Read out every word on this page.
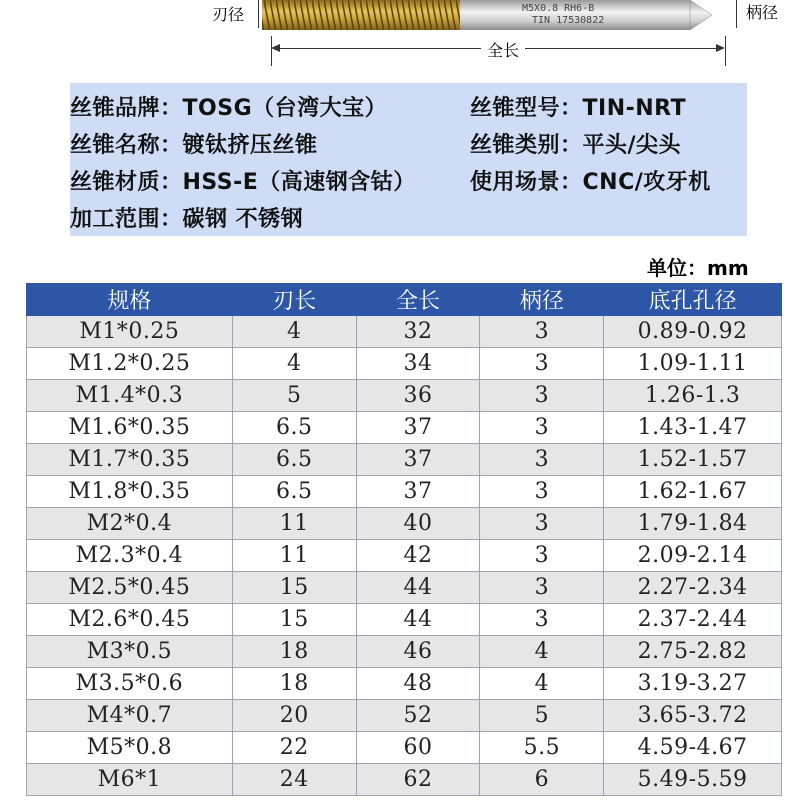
M5X0.8 RH6-B
TIN 17530822
刃径	柄径
全长
丝锥品牌：TOSG（台湾大宝）	丝锥型号：TIN-NRT
丝锥名称：镀钛挤压丝锥	丝锥类别：平头/尖头
丝锥材质：HSS-E（高速钢含钴） 使用场景：CNC/攻牙机
加工范围：碳钢 不锈钢
单位：mm
规格	刃长	全长	柄径	底孔孔径
M1*0.25	4	32	3	0.89-0.92
M1.2*0.25	4	34	3	1.09-1.11
M1.4*0.3	5	36	3	1.26-1.3
M1.6*0.35	6.5	37	3	1.43-1.47
M1.7*0.35	6.5	37	3	1.52-1.57
M1.8*0.35	6.5	37	3	1.62-1.67
M2*0.4	11	40	3	1.79-1.84
M2.3*0.4	11	42	3	2.09-2.14
M2.5*0.45	15	44	3	2.27-2.34
M2.6*0.45	15	44	3	2.37-2.44
M3*0.5	18	46	4	2.75-2.82
M3.5*0.6	18	48	4	3.19-3.27
M4*0.7	20	52	5	3.65-3.72
M5*0.8	22	60	5.5	4.59-4.67
M6*1	24	62	6	5.49-5.59
